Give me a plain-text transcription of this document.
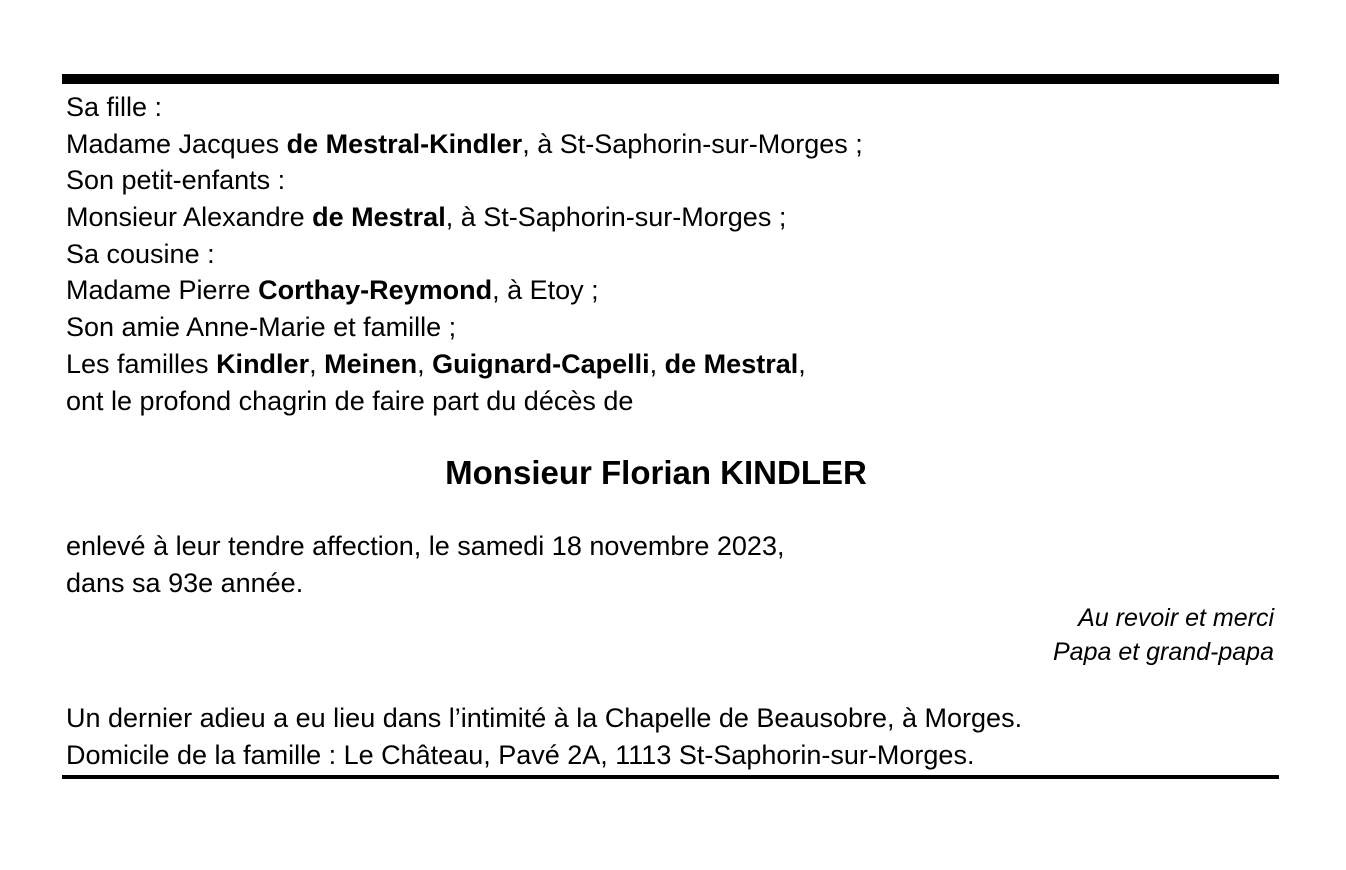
Sa fille :
Madame Jacques de Mestral-Kindler, à St-Saphorin-sur-Morges ;
Son petit-enfants :
Monsieur Alexandre de Mestral, à St-Saphorin-sur-Morges ;
Sa cousine :
Madame Pierre Corthay-Reymond, à Etoy ;
Son amie Anne-Marie et famille ;
Les familles Kindler, Meinen, Guignard-Capelli, de Mestral,
ont le profond chagrin de faire part du décès de
Monsieur Florian KINDLER
enlevé à leur tendre affection, le samedi 18 novembre 2023,
dans sa 93e année.
Au revoir et merci
Papa et grand-papa
Un dernier adieu a eu lieu dans l’intimité à la Chapelle de Beausobre, à Morges.
Domicile de la famille : Le Château, Pavé 2A, 1113 St-Saphorin-sur-Morges.
